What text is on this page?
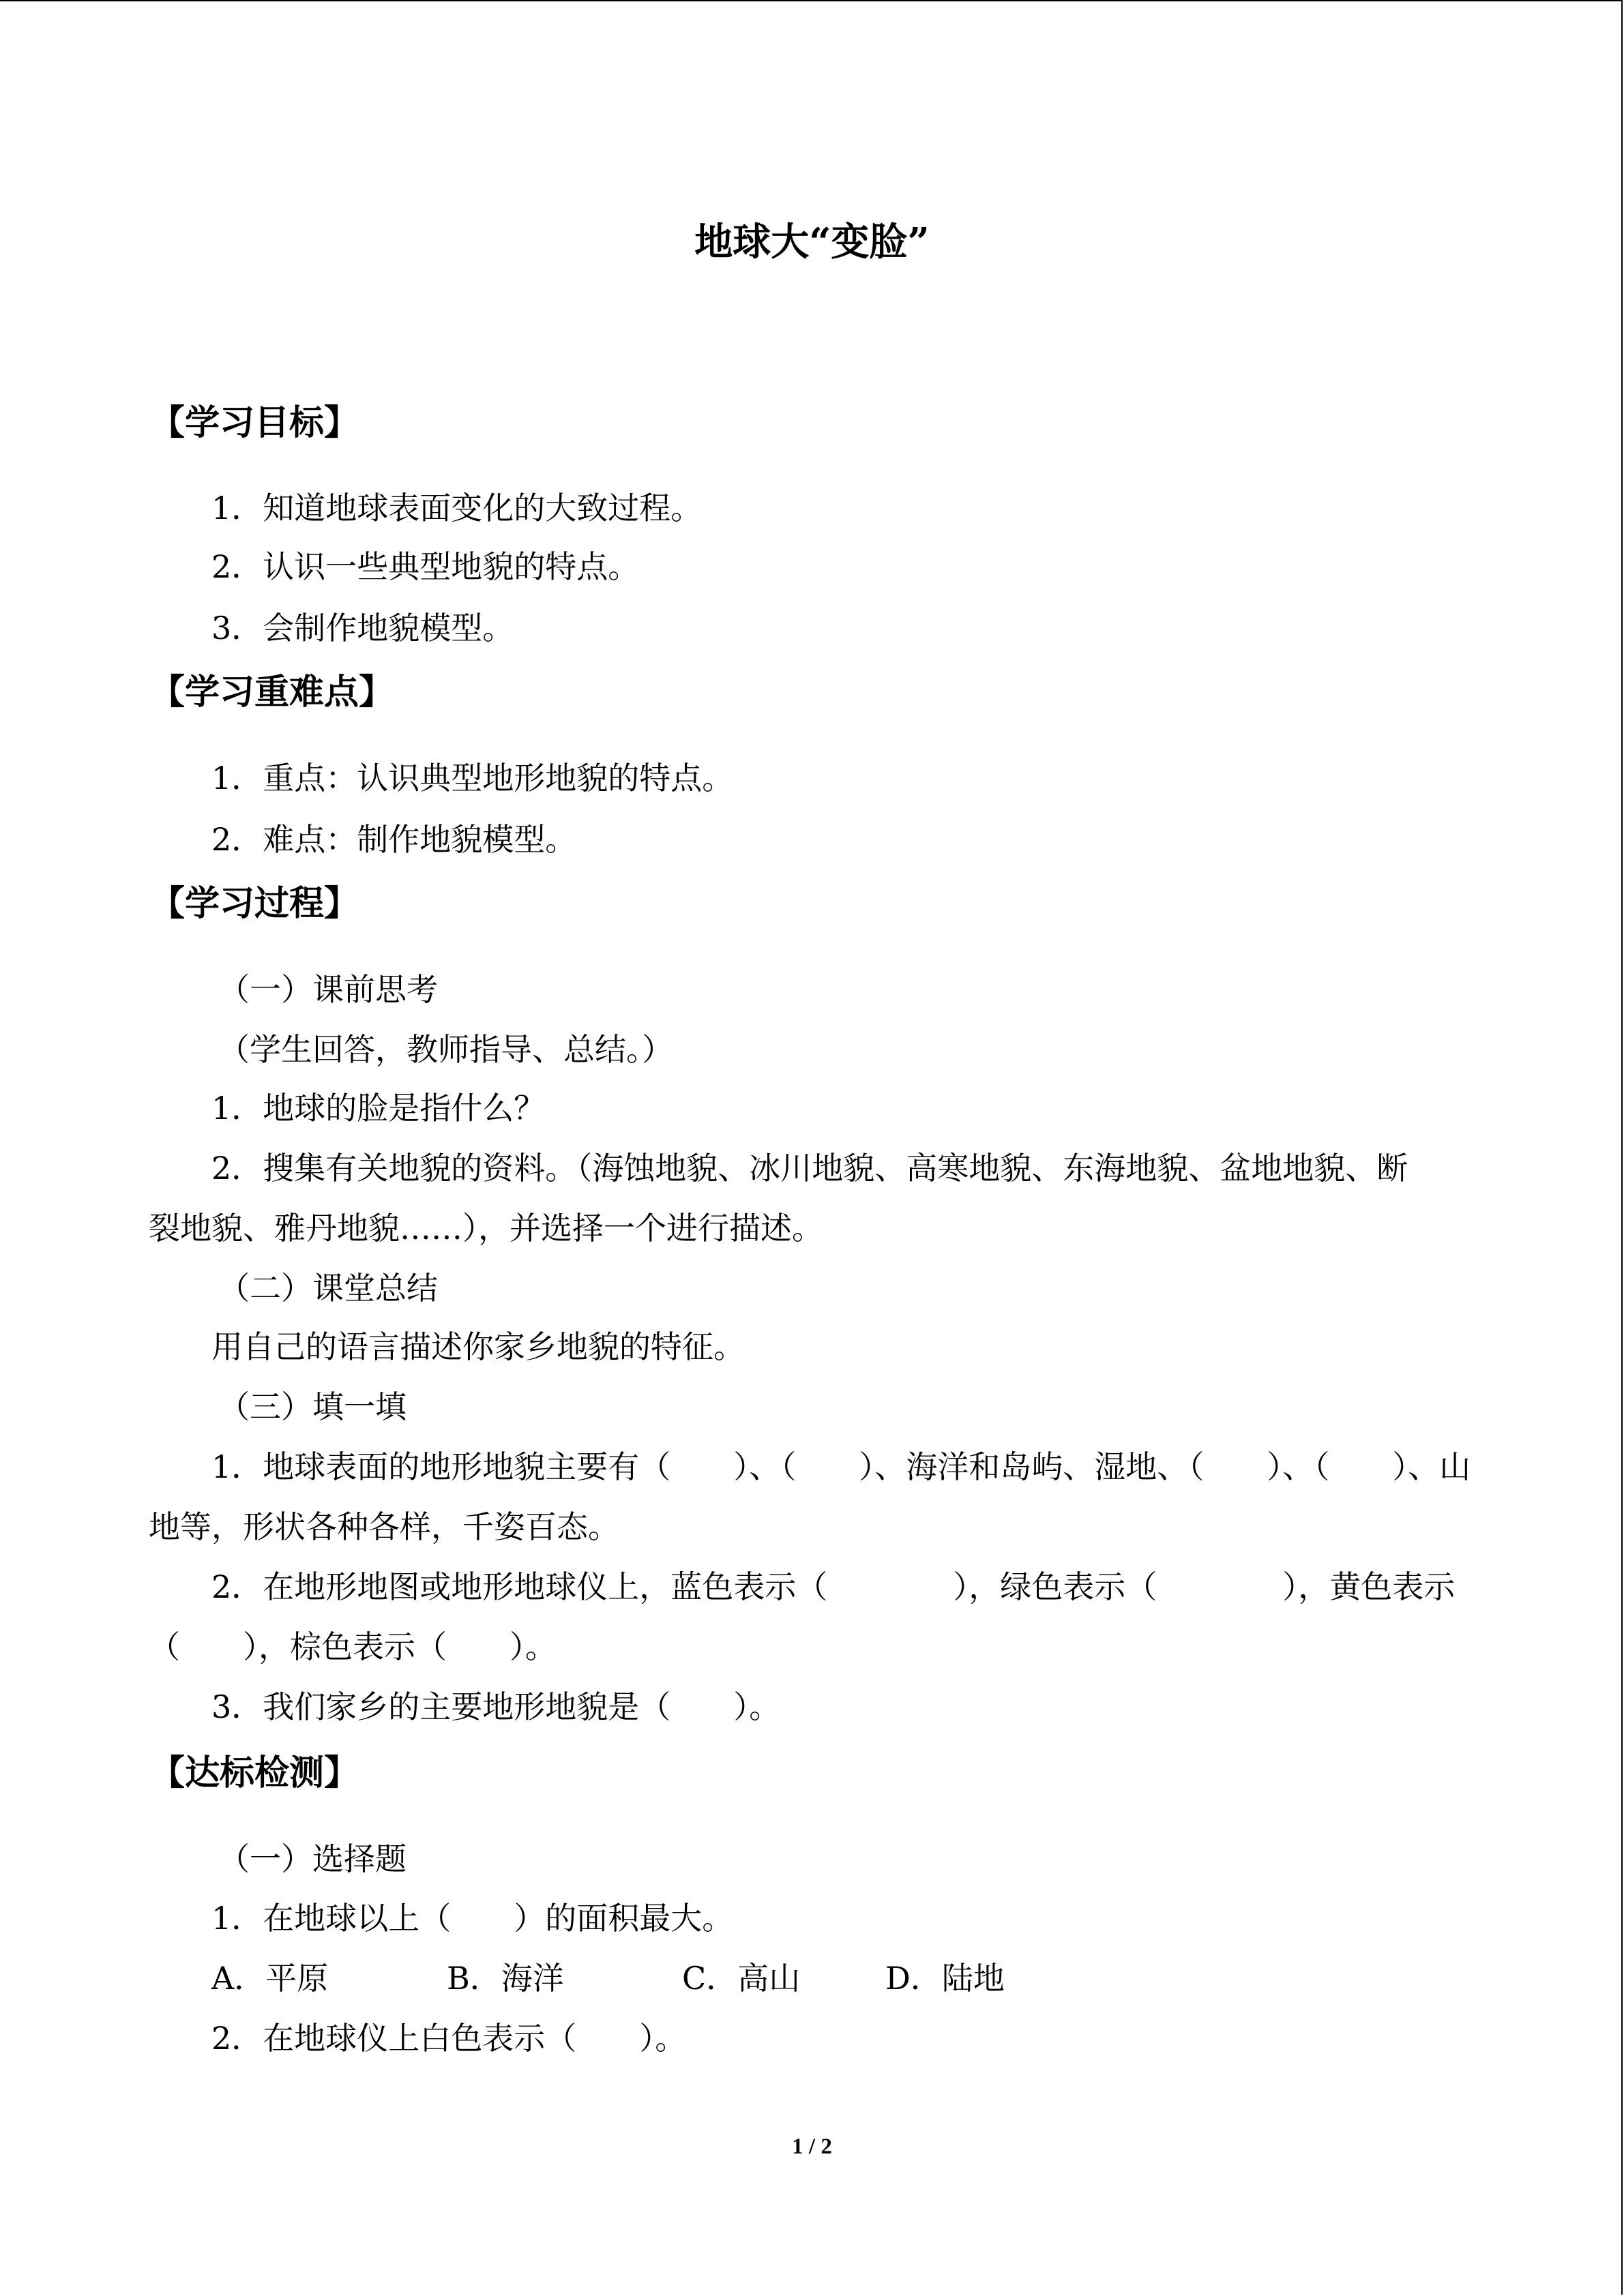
地球大“变脸”
【学习目标】
1．知道地球表面变化的大致过程。
2．认识一些典型地貌的特点。
3．会制作地貌模型。
【学习重难点】
1．重点：认识典型地形地貌的特点。
2．难点：制作地貌模型。
【学习过程】
（一）课前思考
（学生回答，教师指导、总结。）
1．地球的脸是指什么？
2．搜集有关地貌的资料。（海蚀地貌、冰川地貌、高寒地貌、东海地貌、盆地地貌、断
裂地貌、雅丹地貌……），并选择一个进行描述。
（二）课堂总结
用自己的语言描述你家乡地貌的特征。
（三）填一填
1．地球表面的地形地貌主要有（　　）、（　　）、海洋和岛屿、湿地、（　　）、（　　）、山
地等，形状各种各样，千姿百态。
2．在地形地图或地形地球仪上，蓝色表示（　　　　），绿色表示（　　　　），黄色表示
（　　），棕色表示（　　）。
3．我们家乡的主要地形地貌是（　　）。
【达标检测】
（一）选择题
1．在地球以上（　　）的面积最大。
A．平原	B．海洋	C．高山	D．陆地
2．在地球仪上白色表示（　　）。
1 / 2
